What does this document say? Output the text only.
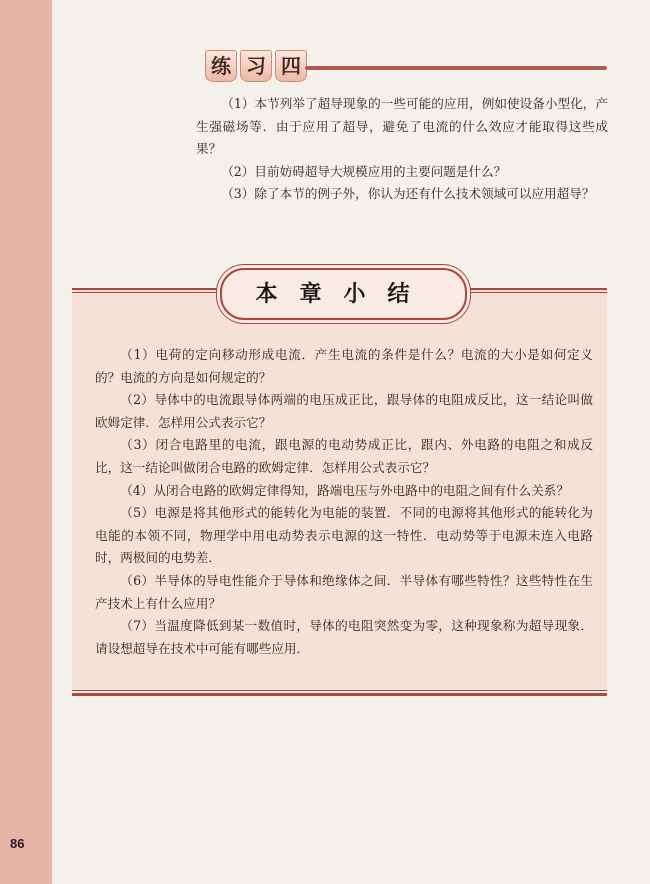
练 习 四

（1）本节列举了超导现象的一些可能的应用，例如使设备小型化，产生强磁场等．由于应用了超导，避免了电流的什么效应才能取得这些成果？

（2）目前妨碍超导大规模应用的主要问题是什么？

（3）除了本节的例子外，你认为还有什么技术领域可以应用超导？

本章小结

（1）电荷的定向移动形成电流．产生电流的条件是什么？电流的大小是如何定义的？电流的方向是如何规定的？

（2）导体中的电流跟导体两端的电压成正比，跟导体的电阻成反比，这一结论叫做欧姆定律．怎样用公式表示它？

（3）闭合电路里的电流，跟电源的电动势成正比，跟内、外电路的电阻之和成反比，这一结论叫做闭合电路的欧姆定律．怎样用公式表示它？

（4）从闭合电路的欧姆定律得知，路端电压与外电路中的电阻之间有什么关系？

（5）电源是将其他形式的能转化为电能的装置．不同的电源将其他形式的能转化为电能的本领不同，物理学中用电动势表示电源的这一特性．电动势等于电源未连入电路时，两极间的电势差．

（6）半导体的导电性能介于导体和绝缘体之间．半导体有哪些特性？这些特性在生产技术上有什么应用？

（7）当温度降低到某一数值时，导体的电阻突然变为零，这种现象称为超导现象．请设想超导在技术中可能有哪些应用．

86
